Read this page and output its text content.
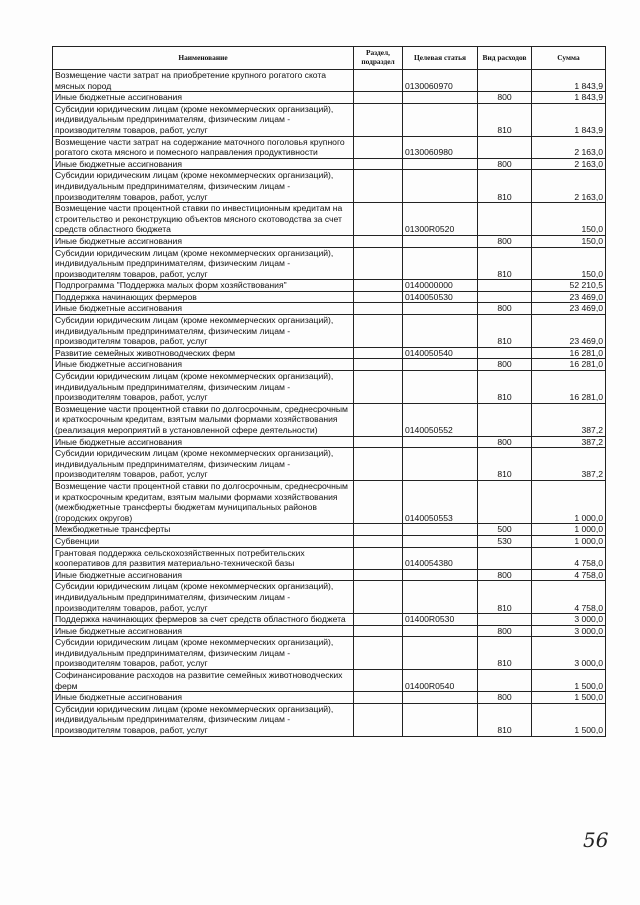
Наименование	Раздел, подраздел	Целевая статья	Вид расходов	Сумма
Возмещение части затрат на приобретение крупного рогатого скота мясных пород		0130060970		1 843,9
Иные бюджетные ассигнования			800	1 843,9
Субсидии юридическим лицам (кроме некоммерческих организаций), индивидуальным предпринимателям, физическим лицам - производителям товаров, работ, услуг			810	1 843,9
Возмещение части затрат на содержание маточного поголовья крупного рогатого скота мясного и помесного направления продуктивности		0130060980		2 163,0
Иные бюджетные ассигнования			800	2 163,0
Субсидии юридическим лицам (кроме некоммерческих организаций), индивидуальным предпринимателям, физическим лицам - производителям товаров, работ, услуг			810	2 163,0
Возмещение части процентной ставки по инвестиционным кредитам на строительство и реконструкцию объектов мясного скотоводства за счет средств областного бюджета		01300R0520		150,0
Иные бюджетные ассигнования			800	150,0
Субсидии юридическим лицам (кроме некоммерческих организаций), индивидуальным предпринимателям, физическим лицам - производителям товаров, работ, услуг			810	150,0
Подпрограмма "Поддержка малых форм хозяйствования"		0140000000		52 210,5
Поддержка начинающих фермеров		0140050530		23 469,0
Иные бюджетные ассигнования			800	23 469,0
Субсидии юридическим лицам (кроме некоммерческих организаций), индивидуальным предпринимателям, физическим лицам - производителям товаров, работ, услуг			810	23 469,0
Развитие семейных животноводческих ферм		0140050540		16 281,0
Иные бюджетные ассигнования			800	16 281,0
Субсидии юридическим лицам (кроме некоммерческих организаций), индивидуальным предпринимателям, физическим лицам - производителям товаров, работ, услуг			810	16 281,0
Возмещение части процентной ставки по долгосрочным, среднесрочным и краткосрочным кредитам, взятым малыми формами хозяйствования (реализация мероприятий в установленной сфере деятельности)		0140050552		387,2
Иные бюджетные ассигнования			800	387,2
Субсидии юридическим лицам (кроме некоммерческих организаций), индивидуальным предпринимателям, физическим лицам - производителям товаров, работ, услуг			810	387,2
Возмещение части процентной ставки по долгосрочным, среднесрочным и краткосрочным кредитам, взятым малыми формами хозяйствования (межбюджетные трансферты бюджетам муниципальных районов (городских округов)		0140050553		1 000,0
Межбюджетные трансферты			500	1 000,0
Субвенции			530	1 000,0
Грантовая поддержка сельскохозяйственных потребительских кооперативов для развития материально-технической базы		0140054380		4 758,0
Иные бюджетные ассигнования			800	4 758,0
Субсидии юридическим лицам (кроме некоммерческих организаций), индивидуальным предпринимателям, физическим лицам - производителям товаров, работ, услуг			810	4 758,0
Поддержка начинающих фермеров за счет средств областного бюджета		01400R0530		3 000,0
Иные бюджетные ассигнования			800	3 000,0
Субсидии юридическим лицам (кроме некоммерческих организаций), индивидуальным предпринимателям, физическим лицам - производителям товаров, работ, услуг			810	3 000,0
Софинансирование расходов на развитие семейных животноводческих ферм		01400R0540		1 500,0
Иные бюджетные ассигнования			800	1 500,0
Субсидии юридическим лицам (кроме некоммерческих организаций), индивидуальным предпринимателям, физическим лицам - производителям товаров, работ, услуг			810	1 500,0
56
